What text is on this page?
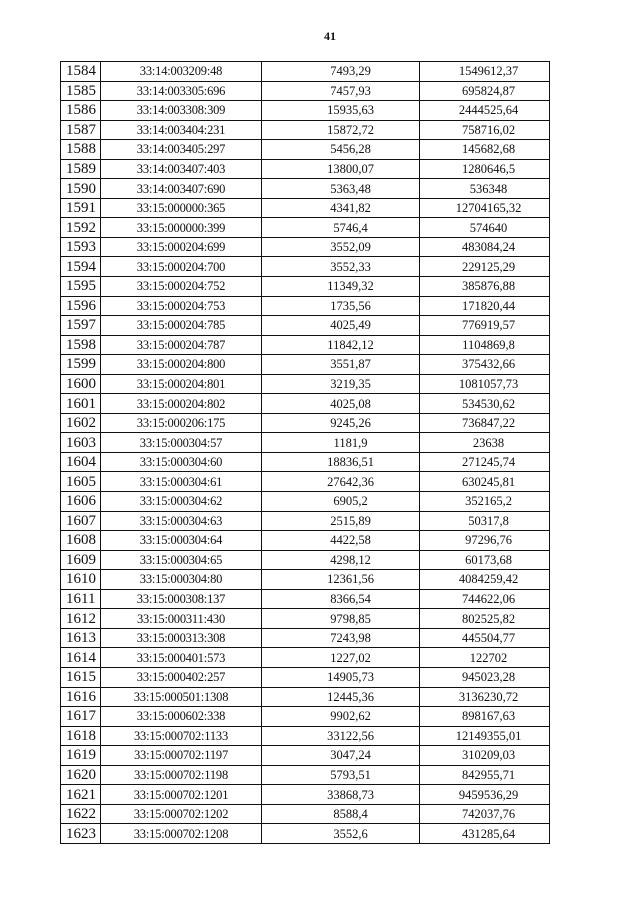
41
1584	33:14:003209:48	7493,29	1549612,37
1585	33:14:003305:696	7457,93	695824,87
1586	33:14:003308:309	15935,63	2444525,64
1587	33:14:003404:231	15872,72	758716,02
1588	33:14:003405:297	5456,28	145682,68
1589	33:14:003407:403	13800,07	1280646,5
1590	33:14:003407:690	5363,48	536348
1591	33:15:000000:365	4341,82	12704165,32
1592	33:15:000000:399	5746,4	574640
1593	33:15:000204:699	3552,09	483084,24
1594	33:15:000204:700	3552,33	229125,29
1595	33:15:000204:752	11349,32	385876,88
1596	33:15:000204:753	1735,56	171820,44
1597	33:15:000204:785	4025,49	776919,57
1598	33:15:000204:787	11842,12	1104869,8
1599	33:15:000204:800	3551,87	375432,66
1600	33:15:000204:801	3219,35	1081057,73
1601	33:15:000204:802	4025,08	534530,62
1602	33:15:000206:175	9245,26	736847,22
1603	33:15:000304:57	1181,9	23638
1604	33:15:000304:60	18836,51	271245,74
1605	33:15:000304:61	27642,36	630245,81
1606	33:15:000304:62	6905,2	352165,2
1607	33:15:000304:63	2515,89	50317,8
1608	33:15:000304:64	4422,58	97296,76
1609	33:15:000304:65	4298,12	60173,68
1610	33:15:000304:80	12361,56	4084259,42
1611	33:15:000308:137	8366,54	744622,06
1612	33:15:000311:430	9798,85	802525,82
1613	33:15:000313:308	7243,98	445504,77
1614	33:15:000401:573	1227,02	122702
1615	33:15:000402:257	14905,73	945023,28
1616	33:15:000501:1308	12445,36	3136230,72
1617	33:15:000602:338	9902,62	898167,63
1618	33:15:000702:1133	33122,56	12149355,01
1619	33:15:000702:1197	3047,24	310209,03
1620	33:15:000702:1198	5793,51	842955,71
1621	33:15:000702:1201	33868,73	9459536,29
1622	33:15:000702:1202	8588,4	742037,76
1623	33:15:000702:1208	3552,6	431285,64
